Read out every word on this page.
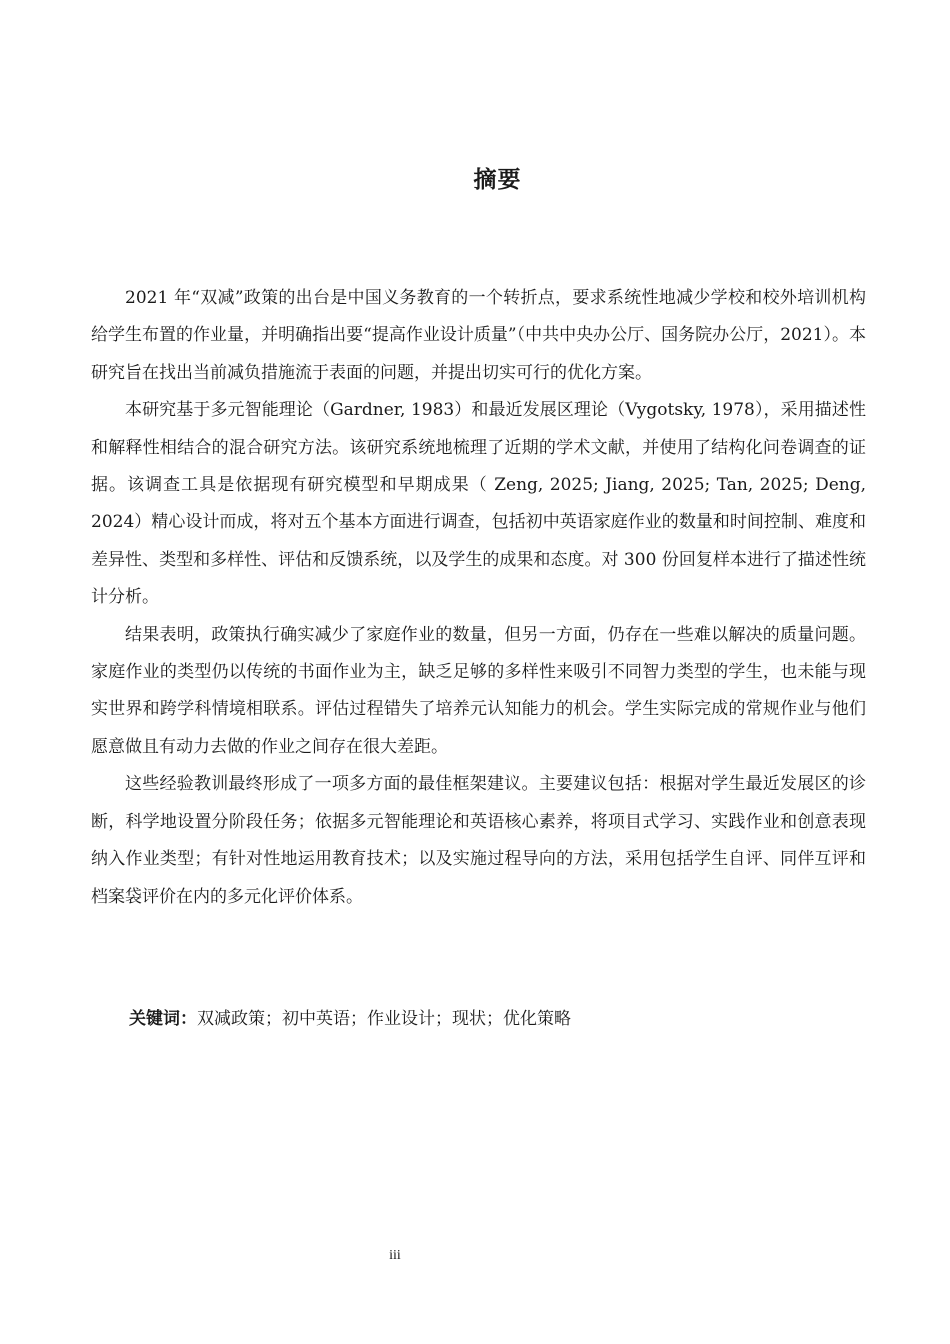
摘要

2021 年“双减”政策的出台是中国义务教育的一个转折点，要求系统性地减少学校和校外培训机构给学生布置的作业量，并明确指出要“提高作业设计质量”（中共中央办公厅、国务院办公厅，2021）。本研究旨在找出当前减负措施流于表面的问题，并提出切实可行的优化方案。

本研究基于多元智能理论（Gardner, 1983）和最近发展区理论（Vygotsky, 1978），采用描述性和解释性相结合的混合研究方法。该研究系统地梳理了近期的学术文献，并使用了结构化问卷调查的证据。该调查工具是依据现有研究模型和早期成果（ Zeng, 2025; Jiang, 2025; Tan, 2025; Deng, 2024）精心设计而成，将对五个基本方面进行调查，包括初中英语家庭作业的数量和时间控制、难度和差异性、类型和多样性、评估和反馈系统，以及学生的成果和态度。对 300 份回复样本进行了描述性统计分析。

结果表明，政策执行确实减少了家庭作业的数量，但另一方面，仍存在一些难以解决的质量问题。家庭作业的类型仍以传统的书面作业为主，缺乏足够的多样性来吸引不同智力类型的学生，也未能与现实世界和跨学科情境相联系。评估过程错失了培养元认知能力的机会。学生实际完成的常规作业与他们愿意做且有动力去做的作业之间存在很大差距。

这些经验教训最终形成了一项多方面的最佳框架建议。主要建议包括：根据对学生最近发展区的诊断，科学地设置分阶段任务；依据多元智能理论和英语核心素养，将项目式学习、实践作业和创意表现纳入作业类型；有针对性地运用教育技术；以及实施过程导向的方法，采用包括学生自评、同伴互评和档案袋评价在内的多元化评价体系。

关键词：双减政策；初中英语；作业设计；现状；优化策略

iii
